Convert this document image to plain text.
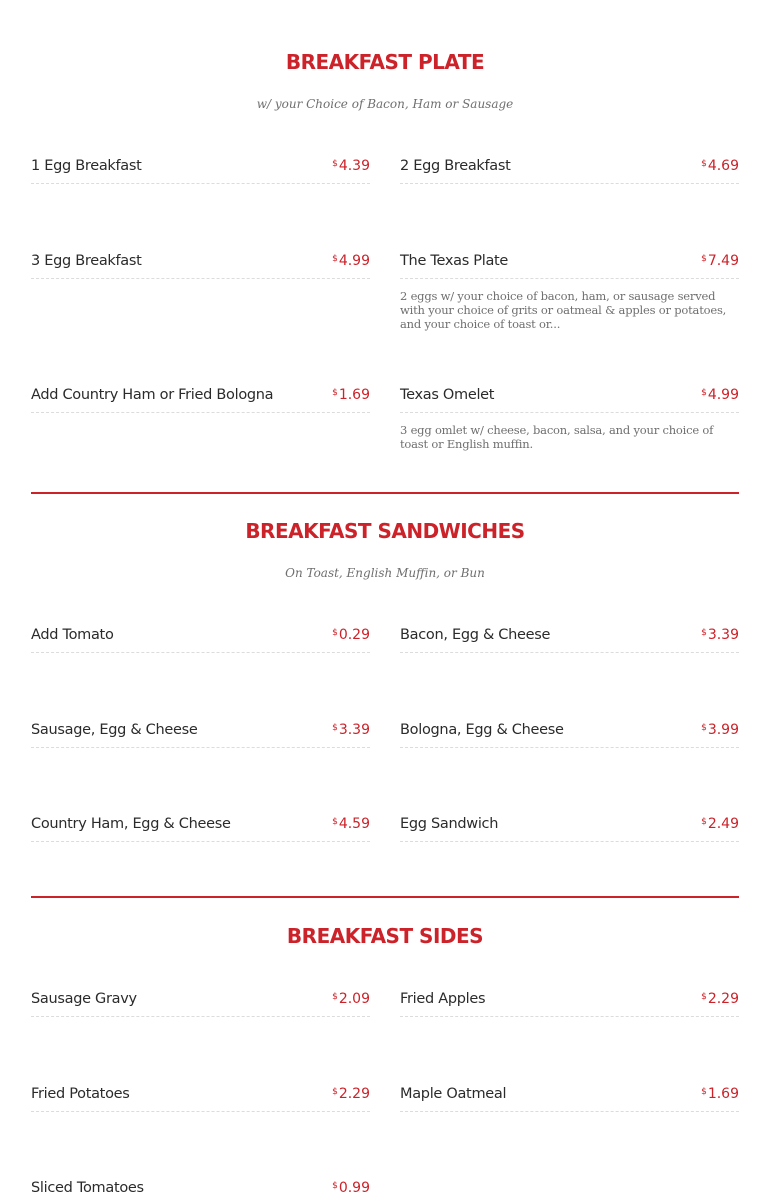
BREAKFAST PLATE

w/ your Choice of Bacon, Ham or Sausage

1 Egg Breakfast	$4.39 2 Egg Breakfast	$4.69
3 Egg Breakfast	$4.99 The Texas Plate	$7.49
2 eggs w/ your choice of bacon, ham, or sausage served with your choice of grits or oatmeal & apples or potatoes, and your choice of toast or...
Add Country Ham or Fried Bologna	$1.69 Texas Omelet	$4.99
3 egg omlet w/ cheese, bacon, salsa, and your choice of toast or English muffin.
BREAKFAST SANDWICHES

On Toast, English Muffin, or Bun

Add Tomato	$0.29 Bacon, Egg & Cheese	$3.39
Sausage, Egg & Cheese	$3.39 Bologna, Egg & Cheese	$3.99
Country Ham, Egg & Cheese	$4.59 Egg Sandwich	$2.49
BREAKFAST SIDES
Sausage Gravy	$2.09 Fried Apples	$2.29
Fried Potatoes	$2.29 Maple Oatmeal	$1.69
Sliced Tomatoes	$0.99
